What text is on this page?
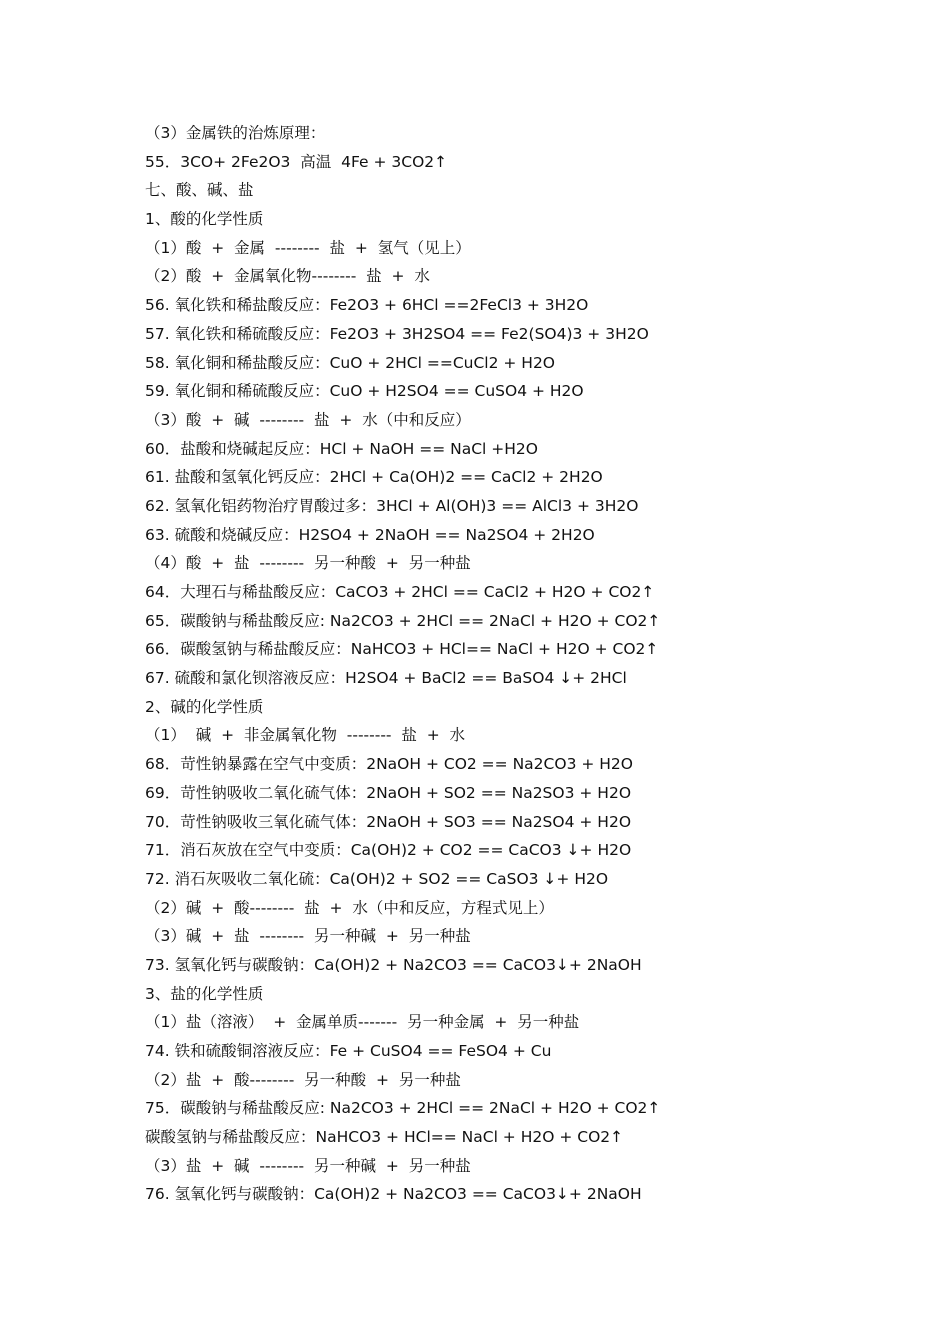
（3）金属铁的治炼原理：

55．3CO+ 2Fe2O3  高温  4Fe + 3CO2↑

七、酸、碱、盐

1、酸的化学性质

（1）酸  +  金属  --------  盐  +  氢气（见上）

（2）酸  +  金属氧化物--------  盐  +  水

56. 氧化铁和稀盐酸反应：Fe2O3 + 6HCl ==2FeCl3 + 3H2O

57. 氧化铁和稀硫酸反应：Fe2O3 + 3H2SO4 == Fe2(SO4)3 + 3H2O

58. 氧化铜和稀盐酸反应：CuO + 2HCl ==CuCl2 + H2O

59. 氧化铜和稀硫酸反应：CuO + H2SO4 == CuSO4 + H2O

（3）酸  +  碱  --------  盐  +  水（中和反应）

60．盐酸和烧碱起反应：HCl + NaOH == NaCl +H2O

61. 盐酸和氢氧化钙反应：2HCl + Ca(OH)2 == CaCl2 + 2H2O

62. 氢氧化铝药物治疗胃酸过多：3HCl + Al(OH)3 == AlCl3 + 3H2O

63. 硫酸和烧碱反应：H2SO4 + 2NaOH == Na2SO4 + 2H2O

（4）酸  +  盐  --------  另一种酸  +  另一种盐

64．大理石与稀盐酸反应：CaCO3 + 2HCl == CaCl2 + H2O + CO2↑

65．碳酸钠与稀盐酸反应: Na2CO3 + 2HCl == 2NaCl + H2O + CO2↑

66．碳酸氢钠与稀盐酸反应：NaHCO3 + HCl== NaCl + H2O + CO2↑

67. 硫酸和氯化钡溶液反应：H2SO4 + BaCl2 == BaSO4 ↓+ 2HCl

2、碱的化学性质

（1）  碱  +  非金属氧化物  --------  盐  +  水

68．苛性钠暴露在空气中变质：2NaOH + CO2 == Na2CO3 + H2O

69．苛性钠吸收二氧化硫气体：2NaOH + SO2 == Na2SO3 + H2O

70．苛性钠吸收三氧化硫气体：2NaOH + SO3 == Na2SO4 + H2O

71．消石灰放在空气中变质：Ca(OH)2 + CO2 == CaCO3 ↓+ H2O

72. 消石灰吸收二氧化硫：Ca(OH)2 + SO2 == CaSO3 ↓+ H2O

（2）碱  +  酸--------  盐  +  水（中和反应，方程式见上）

（3）碱  +  盐  --------  另一种碱  +  另一种盐

73. 氢氧化钙与碳酸钠：Ca(OH)2 + Na2CO3 == CaCO3↓+ 2NaOH

3、盐的化学性质

（1）盐（溶液）  +  金属单质-------  另一种金属  +  另一种盐

74. 铁和硫酸铜溶液反应：Fe + CuSO4 == FeSO4 + Cu

（2）盐  +  酸--------  另一种酸  +  另一种盐

75．碳酸钠与稀盐酸反应: Na2CO3 + 2HCl == 2NaCl + H2O + CO2↑

碳酸氢钠与稀盐酸反应：NaHCO3 + HCl== NaCl + H2O + CO2↑

（3）盐  +  碱  --------  另一种碱  +  另一种盐

76. 氢氧化钙与碳酸钠：Ca(OH)2 + Na2CO3 == CaCO3↓+ 2NaOH
